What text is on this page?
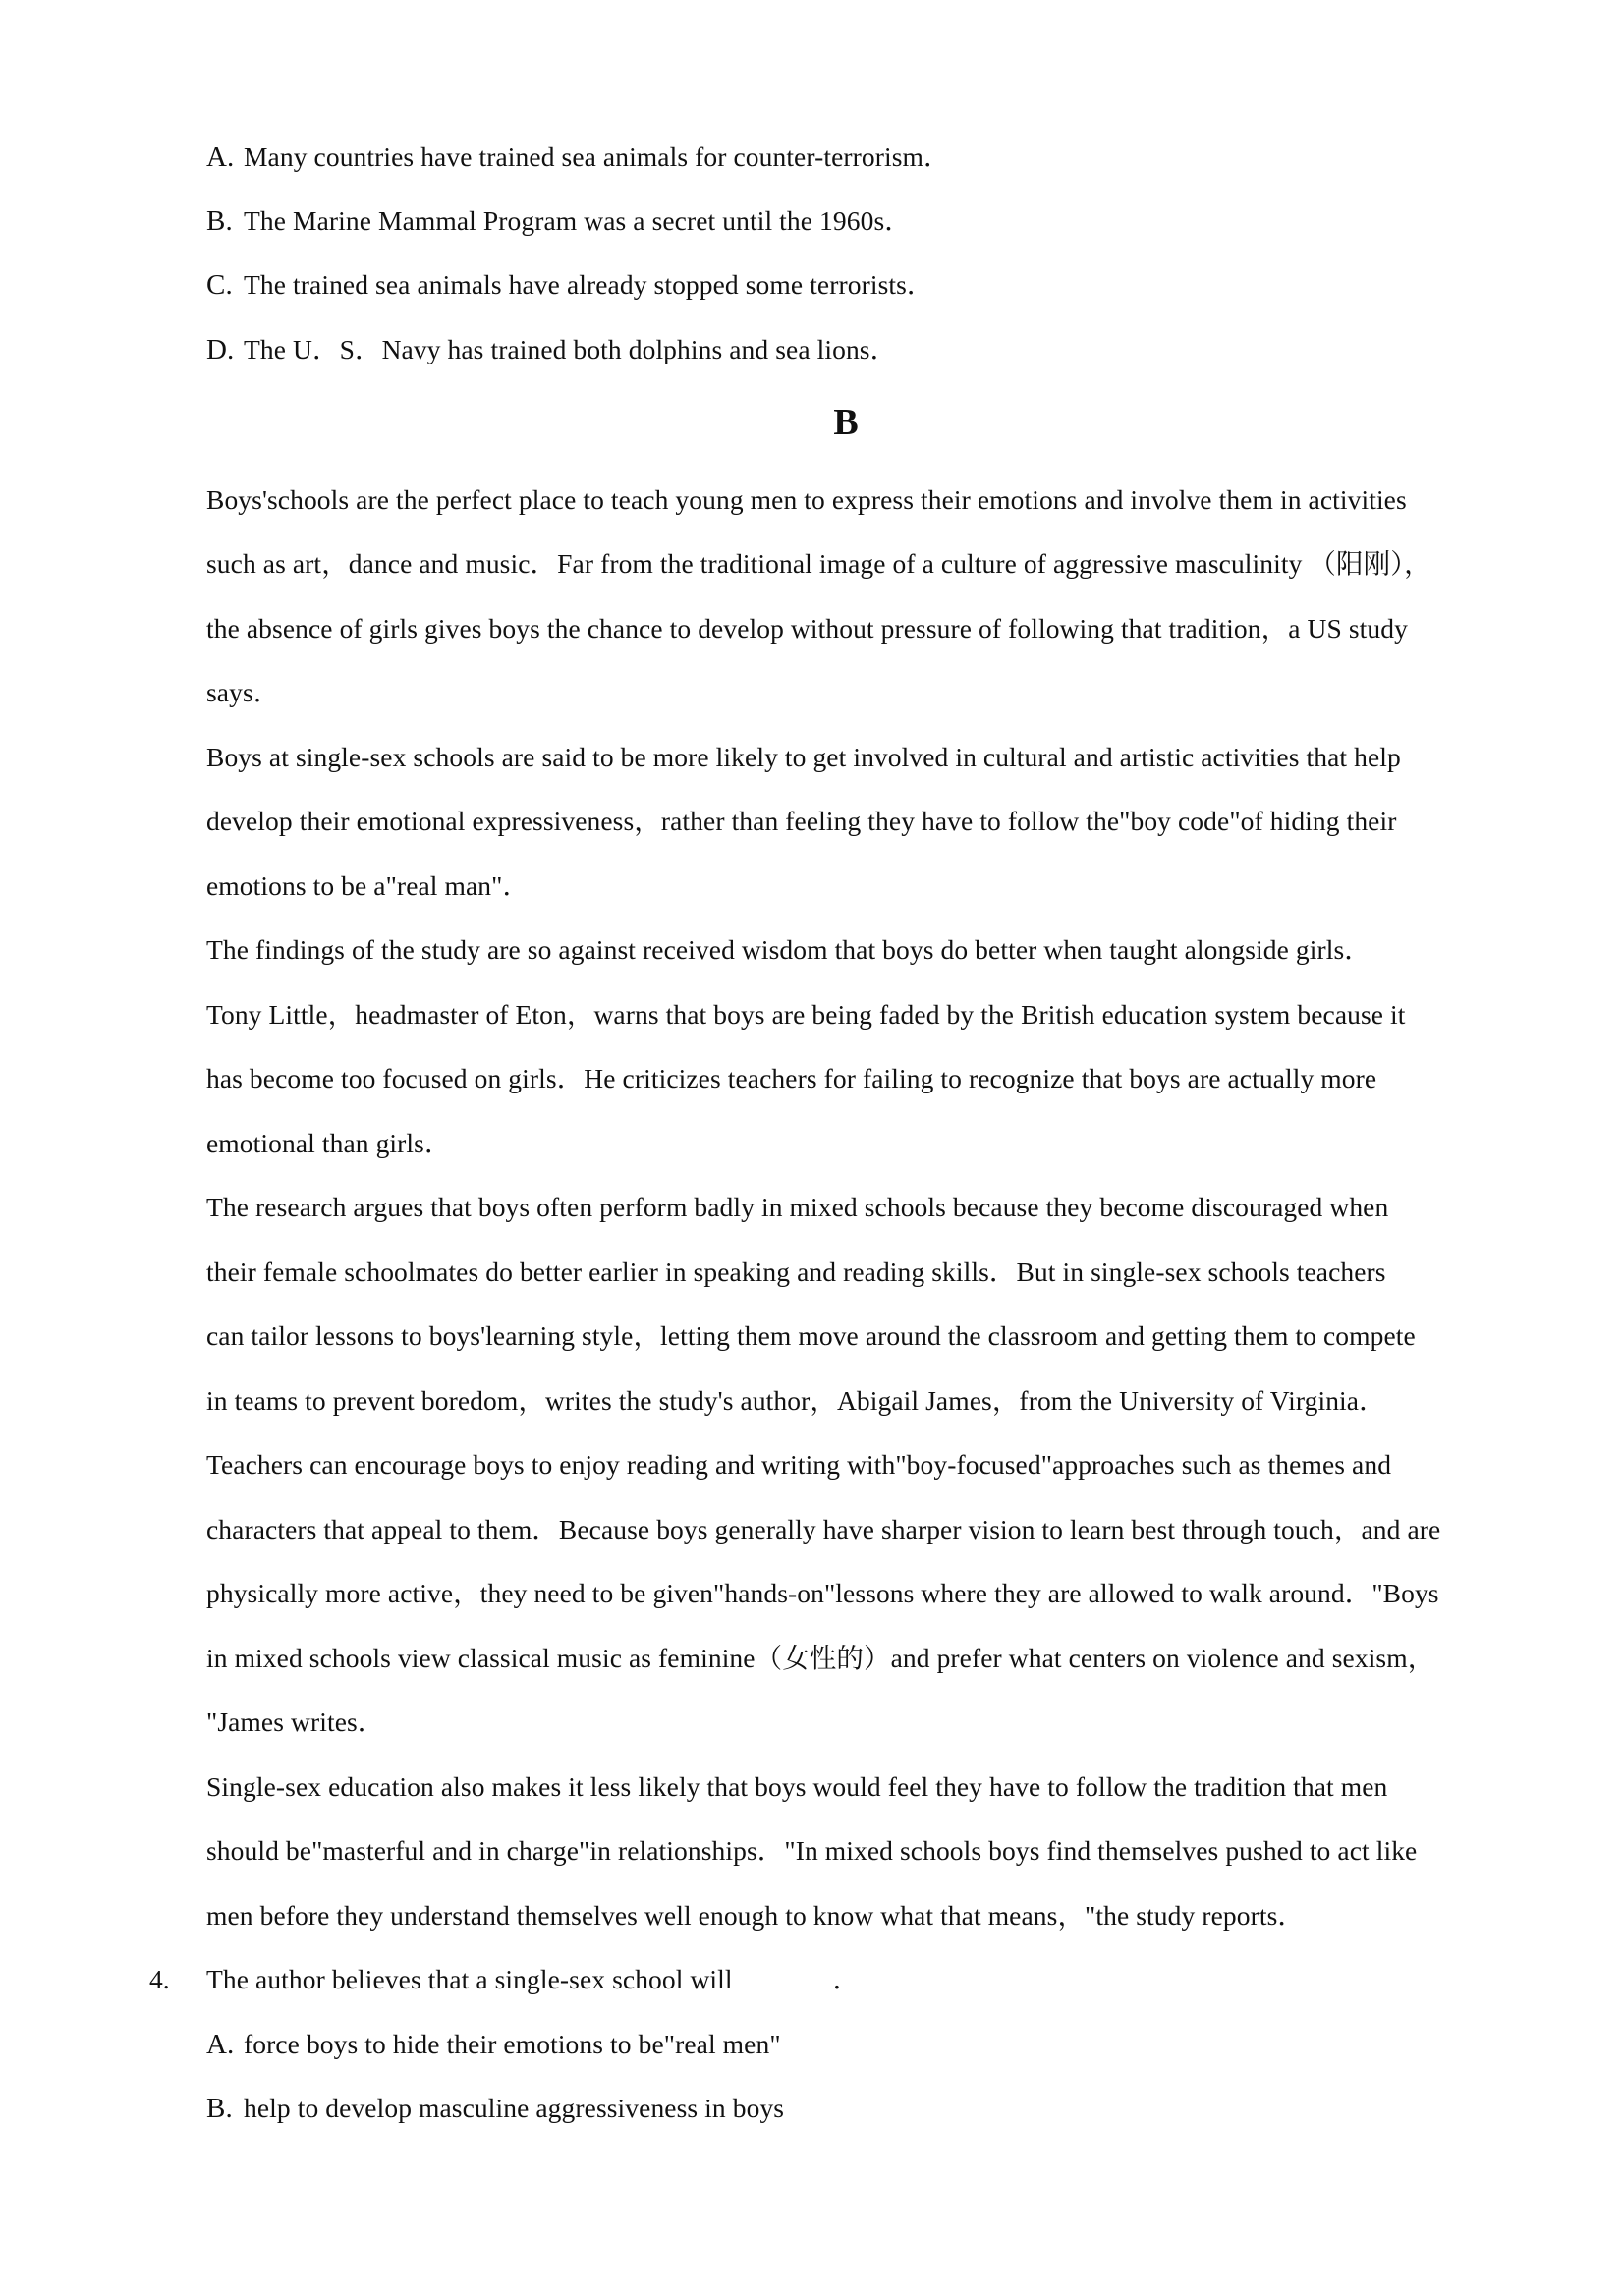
A. Many countries have trained sea animals for counter-terrorism．
B. The Marine Mammal Program was a secret until the 1960s．
C. The trained sea animals have already stopped some terrorists．
D. The U．S．Navy has trained both dolphins and sea lions．
B
Boys'schools are the perfect place to teach young men to express their emotions and involve them in activities
such as art，dance and music．Far from the traditional image of a culture of aggressive masculinity （阳刚），
the absence of girls gives boys the chance to develop without pressure of following that tradition，a US study
says．
Boys at single-sex schools are said to be more likely to get involved in cultural and artistic activities that help
develop their emotional expressiveness，rather than feeling they have to follow the"boy code"of hiding their
emotions to be a"real man"．
The findings of the study are so against received wisdom that boys do better when taught alongside girls．
Tony Little，headmaster of Eton，warns that boys are being faded by the British education system because it
has become too focused on girls．He criticizes teachers for failing to recognize that boys are actually more
emotional than girls．
The research argues that boys often perform badly in mixed schools because they become discouraged when
their female schoolmates do better earlier in speaking and reading skills．But in single-sex schools teachers
can tailor lessons to boys'learning style，letting them move around the classroom and getting them to compete
in teams to prevent boredom，writes the study's author，Abigail James，from the University of Virginia．
Teachers can encourage boys to enjoy reading and writing with"boy-focused"approaches such as themes and
characters that appeal to them．Because boys generally have sharper vision to learn best through touch，and are
physically more active，they need to be given"hands-on"lessons where they are allowed to walk around．"Boys
in mixed schools view classical music as feminine（女性的）and prefer what centers on violence and sexism，
"James writes．
Single-sex education also makes it less likely that boys would feel they have to follow the tradition that men
should be"masterful and in charge"in relationships．"In mixed schools boys find themselves pushed to act like
men before they understand themselves well enough to know what that means，"the study reports．
4. The author believes that a single-sex school will	．
A. force boys to hide their emotions to be"real men"
B. help to develop masculine aggressiveness in boys
